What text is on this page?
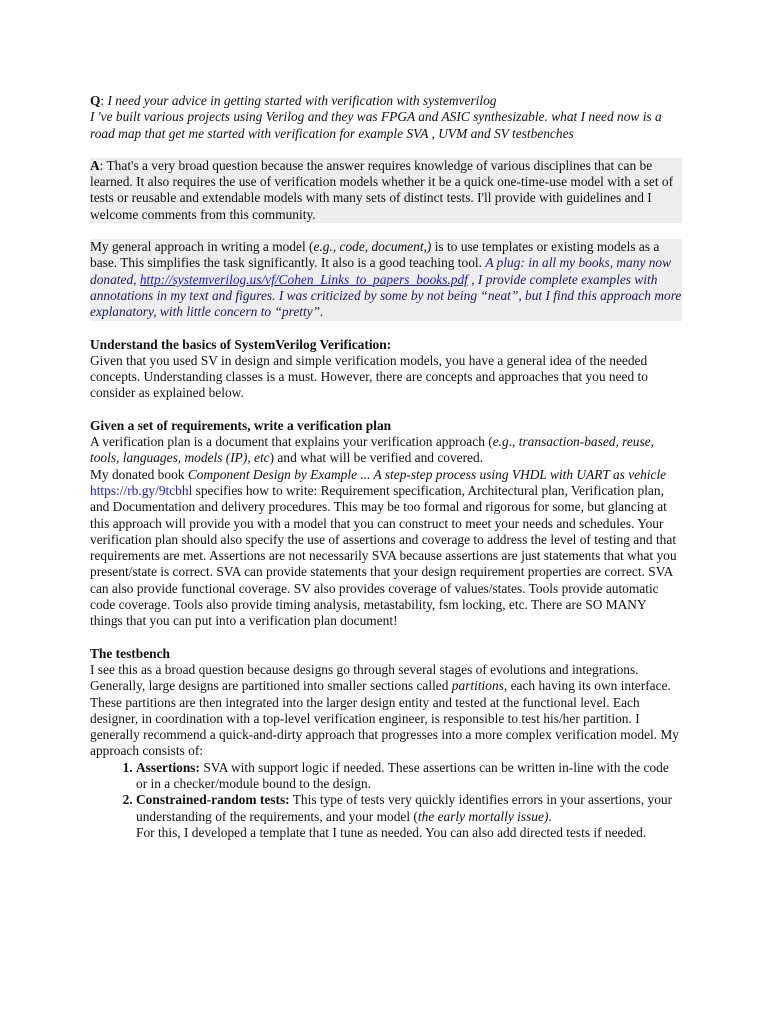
Q: I need your advice in getting started with verification with systemverilog

I 've built various projects using Verilog and they was FPGA and ASIC synthesizable. what I need now is a road map that get me started with verification for example SVA , UVM and SV testbenches

A: That's a very broad question because the answer requires knowledge of various disciplines that can be learned. It also requires the use of verification models whether it be a quick one-time-use model with a set of tests or reusable and extendable models with many sets of distinct tests. I'll provide with guidelines and I welcome comments from this community.

My general approach in writing a model (e.g., code, document,) is to use templates or existing models as a base. This simplifies the task significantly. It also is a good teaching tool. A plug: in all my books, many now donated, http://systemverilog.us/vf/Cohen_Links_to_papers_books.pdf , I provide complete examples with annotations in my text and figures. I was criticized by some by not being “neat”, but I find this approach more explanatory, with little concern to “pretty”.

Understand the basics of SystemVerilog Verification:

Given that you used SV in design and simple verification models, you have a general idea of the needed concepts. Understanding classes is a must. However, there are concepts and approaches that you need to consider as explained below.

Given a set of requirements, write a verification plan

A verification plan is a document that explains your verification approach (e.g., transaction-based, reuse, tools, languages, models (IP), etc) and what will be verified and covered.

My donated book Component Design by Example ... A step-step process using VHDL with UART as vehicle https://rb.gy/9tcbhl specifies how to write: Requirement specification, Architectural plan, Verification plan, and Documentation and delivery procedures. This may be too formal and rigorous for some, but glancing at this approach will provide you with a model that you can construct to meet your needs and schedules. Your verification plan should also specify the use of assertions and coverage to address the level of testing and that requirements are met. Assertions are not necessarily SVA because assertions are just statements that what you present/state is correct. SVA can provide statements that your design requirement properties are correct. SVA can also provide functional coverage. SV also provides coverage of values/states. Tools provide automatic code coverage. Tools also provide timing analysis, metastability, fsm locking, etc. There are SO MANY things that you can put into a verification plan document!

The testbench

I see this as a broad question because designs go through several stages of evolutions and integrations. Generally, large designs are partitioned into smaller sections called partitions, each having its own interface. These partitions are then integrated into the larger design entity and tested at the functional level. Each designer, in coordination with a top-level verification engineer, is responsible to test his/her partition. I generally recommend a quick-and-dirty approach that progresses into a more complex verification model. My approach consists of:

1. Assertions: SVA with support logic if needed. These assertions can be written in-line with the code or in a checker/module bound to the design.
2. Constrained-random tests: This type of tests very quickly identifies errors in your assertions, your understanding of the requirements, and your model (the early mortally issue).
For this, I developed a template that I tune as needed. You can also add directed tests if needed.
